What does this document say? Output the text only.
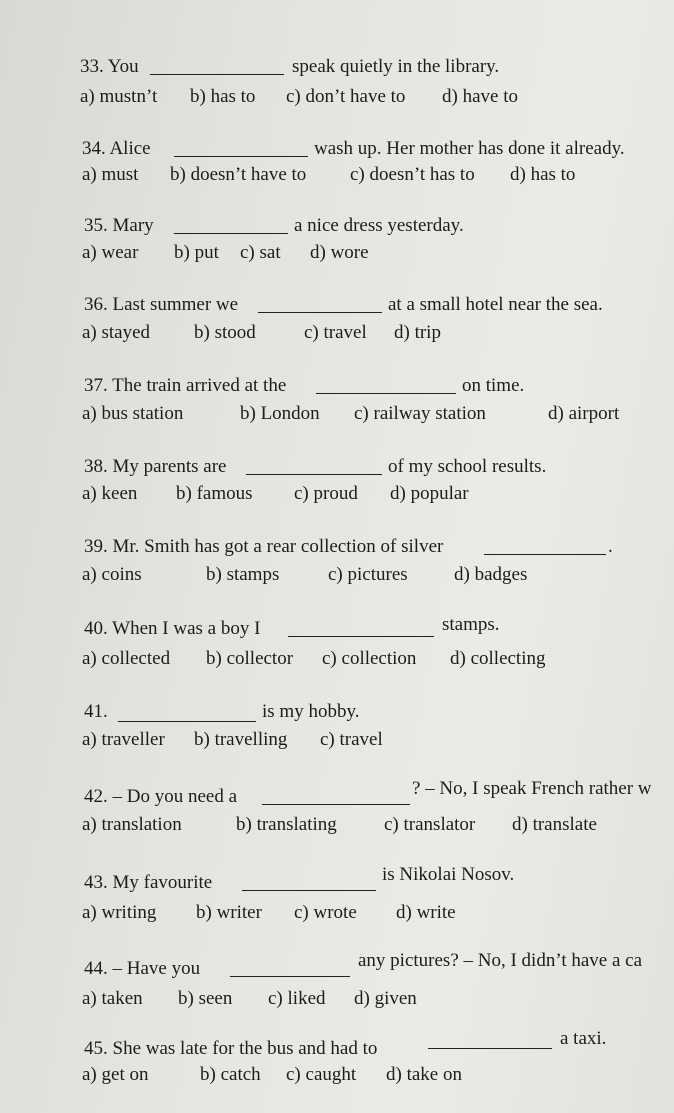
33. You	speak quietly in the library.
a) mustn’t b) has to c) don’t have to d) have to
34. Alice	wash up. Her mother has done it already.
a) must b) doesn’t have to c) doesn’t has to d) has to
35. Mary	a nice dress yesterday.
a) wear b) put c) sat d) wore
36. Last summer we	at a small hotel near the sea.
a) stayed b) stood	c) travel d) trip
37. The train arrived at the	on time.
a) bus station	b) London c) railway station	d) airport
38. My parents are	of my school results.
a) keen b) famous c) proud d) popular
39. Mr. Smith has got a rear collection of silver	.
a) coins	b) stamps	c) pictures d) badges
40. When I was a boy I	stamps.
a) collected b) collector c) collection d) collecting
41.	is my hobby.
a) traveller b) travelling c) travel
42. – Do you need a	? – No, I speak French rather w
a) translation	b) translating c) translator d) translate
43. My favourite	is Nikolai Nosov.
a) writing b) writer c) wrote d) write
44. – Have you	any pictures? – No, I didn’t have a ca
a) taken b) seen c) liked d) given
45. She was late for the bus and had to	a taxi.
a) get on	b) catch c) caught d) take on
